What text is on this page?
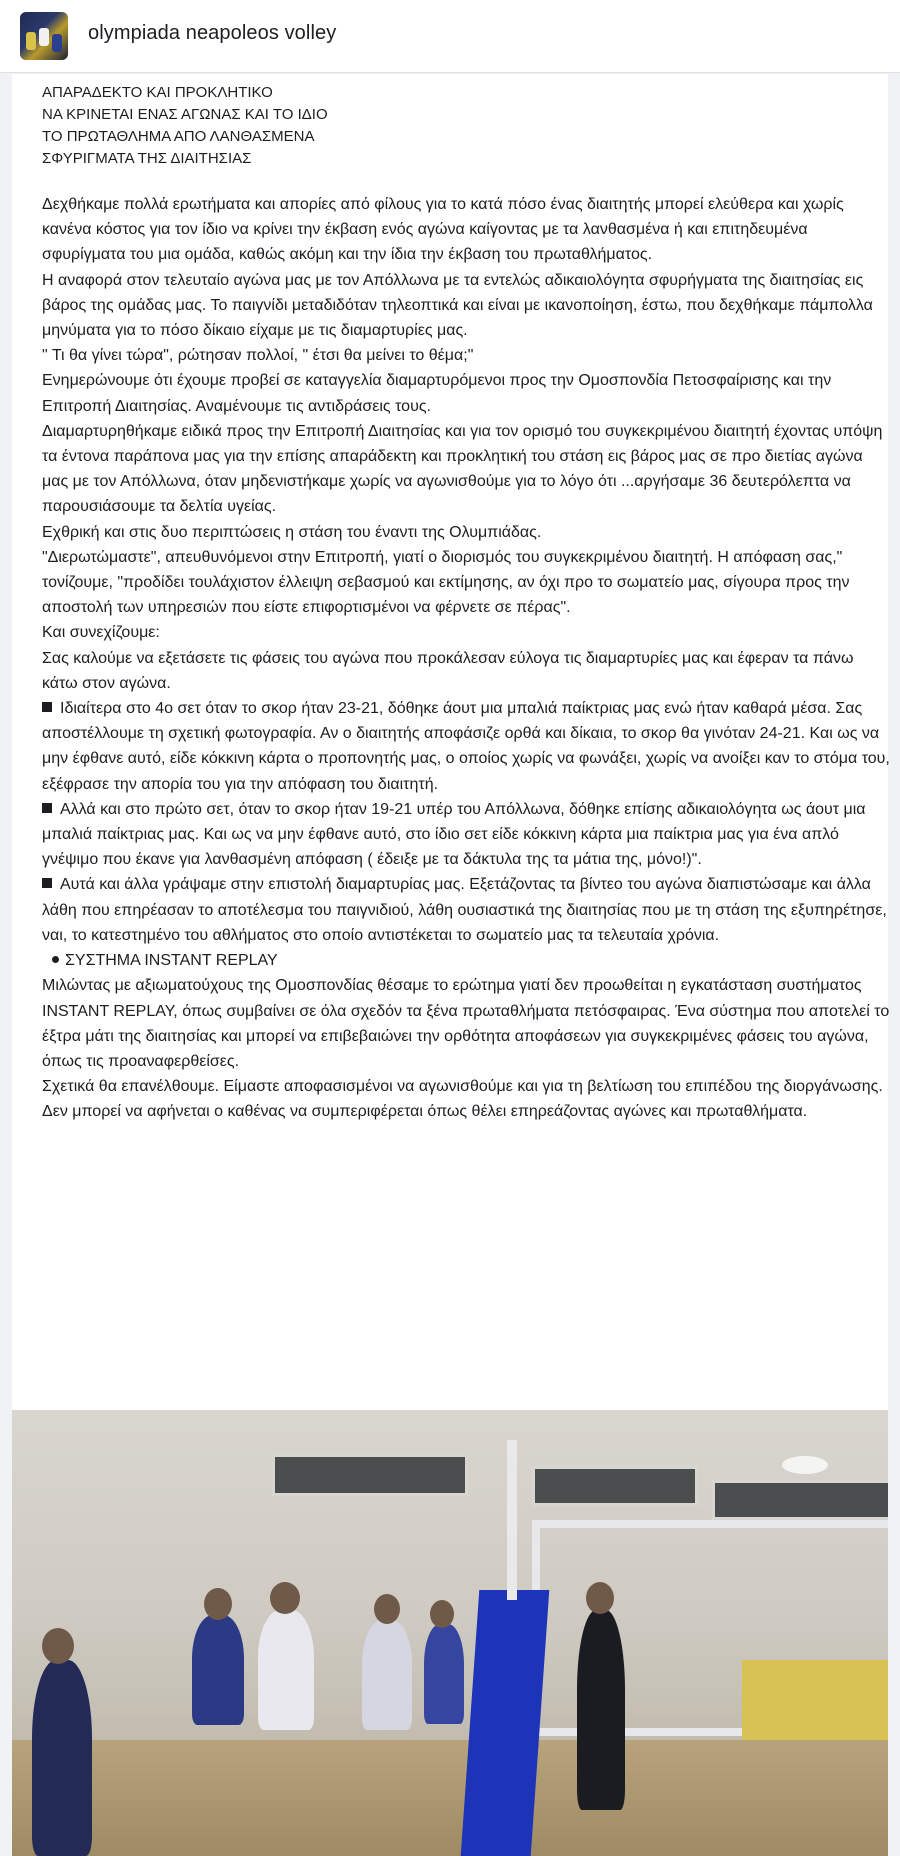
olympiada neapoleos volley
ΑΠΑΡΑΔΕΚΤΟ ΚΑΙ ΠΡΟΚΛΗΤΙΚΟ
ΝΑ ΚΡΙΝΕΤΑΙ ΕΝΑΣ ΑΓΩΝΑΣ ΚΑΙ ΤΟ ΙΔΙΟ
ΤΟ ΠΡΩΤΑΘΛΗΜΑ ΑΠΟ ΛΑΝΘΑΣΜΕΝΑ
ΣΦΥΡΙΓΜΑΤΑ ΤΗΣ ΔΙΑΙΤΗΣΙΑΣ

Δεχθήκαμε πολλά ερωτήματα και απορίες από φίλους για το κατά πόσο ένας διαιτητής μπορεί ελεύθερα και χωρίς κανένα κόστος για τον ίδιο να κρίνει την έκβαση ενός αγώνα καίγοντας με τα λανθασμένα ή και επιτηδευμένα σφυρίγματα του μια ομάδα, καθώς ακόμη και την ίδια την έκβαση του πρωταθλήματος.

Η αναφορά στον τελευταίο αγώνα μας με τον Απόλλωνα με τα εντελώς αδικαιολόγητα σφυρήγματα της διαιτησίας εις βάρος της ομάδας μας. Το παιγνίδι μεταδιδόταν τηλεοπτικά και είναι με ικανοποίηση, έστω, που δεχθήκαμε πάμπολλα μηνύματα για το πόσο δίκαιο είχαμε με τις διαμαρτυρίες μας.

" Τι θα γίνει τώρα", ρώτησαν πολλοί, " έτσι θα μείνει το θέμα;"

Ενημερώνουμε ότι έχουμε προβεί σε καταγγελία διαμαρτυρόμενοι προς την Ομοσπονδία Πετοσφαίρισης και την Επιτροπή Διαιτησίας. Αναμένουμε τις αντιδράσεις τους.

Διαμαρτυρηθήκαμε ειδικά προς την Επιτροπή Διαιτησίας και για τον ορισμό του συγκεκριμένου διαιτητή έχοντας υπόψη τα έντονα παράπονα μας για την επίσης απαράδεκτη και προκλητική του στάση εις βάρος μας σε προ διετίας αγώνα μας με τον Απόλλωνα, όταν μηδενιστήκαμε χωρίς να αγωνισθούμε για το λόγο ότι ...αργήσαμε 36 δευτερόλεπτα να παρουσιάσουμε τα δελτία υγείας.

Εχθρική και στις δυο περιπτώσεις η στάση του έναντι της Ολυμπιάδας.

"Διερωτώμαστε", απευθυνόμενοι στην Επιτροπή, γιατί ο διορισμός του συγκεκριμένου διαιτητή. Η απόφαση σας," τονίζουμε, "προδίδει τουλάχιστον έλλειψη σεβασμού και εκτίμησης, αν όχι προ το σωματείο μας, σίγουρα προς την αποστολή των υπηρεσιών που είστε επιφορτισμένοι να φέρνετε σε πέρας".

Και συνεχίζουμε:

Σας καλούμε να εξετάσετε τις φάσεις του αγώνα που προκάλεσαν εύλογα τις διαμαρτυρίες μας και έφεραν τα πάνω κάτω στον αγώνα.

Ιδιαίτερα στο 4ο σετ όταν το σκορ ήταν 23-21, δόθηκε άουτ μια μπαλιά παίκτριας μας ενώ ήταν καθαρά μέσα. Σας αποστέλλουμε τη σχετική φωτογραφία. Αν ο διαιτητής αποφάσιζε ορθά και δίκαια, το σκορ θα γινόταν 24-21. Και ως να μην έφθανε αυτό, είδε κόκκινη κάρτα ο προπονητής μας, ο οποίος χωρίς να φωνάξει, χωρίς να ανοίξει καν το στόμα του, εξέφρασε την απορία του για την απόφαση του διαιτητή.

Αλλά και στο πρώτο σετ, όταν το σκορ ήταν 19-21 υπέρ του Απόλλωνα, δόθηκε επίσης αδικαιολόγητα ως άουτ μια μπαλιά παίκτριας μας. Και ως να μην έφθανε αυτό, στο ίδιο σετ είδε κόκκινη κάρτα μια παίκτρια μας για ένα απλό γνέψιμο που έκανε για λανθασμένη απόφαση ( έδειξε με τα δάκτυλα της τα μάτια της, μόνο!)".

Αυτά και άλλα γράψαμε στην επιστολή διαμαρτυρίας μας. Εξετάζοντας τα βίντεο του αγώνα διαπιστώσαμε και άλλα λάθη που επηρέασαν το αποτέλεσμα του παιγνιδιού, λάθη ουσιαστικά της διαιτησίας που με τη στάση της εξυπηρέτησε, ναι, το κατεστημένο του αθλήματος στο οποίο αντιστέκεται το σωματείο μας τα τελευταία χρόνια.

ΣΥΣΤΗΜΑ INSTANT REPLAY

Μιλώντας με αξιωματούχους της Ομοσπονδίας θέσαμε το ερώτημα γιατί δεν προωθείται η εγκατάσταση συστήματος INSTANT REPLAY, όπως συμβαίνει σε όλα σχεδόν τα ξένα πρωταθλήματα πετόσφαιρας. Ένα σύστημα που αποτελεί το έξτρα μάτι της διαιτησίας και μπορεί να επιβεβαιώνει την ορθότητα αποφάσεων για συγκεκριμένες φάσεις του αγώνα, όπως τις προαναφερθείσες.

Σχετικά θα επανέλθουμε. Είμαστε αποφασισμένοι να αγωνισθούμε και για τη βελτίωση του επιπέδου της διοργάνωσης. Δεν μπορεί να αφήνεται ο καθένας να συμπεριφέρεται όπως θέλει επηρεάζοντας αγώνες και πρωταθλήματα.
